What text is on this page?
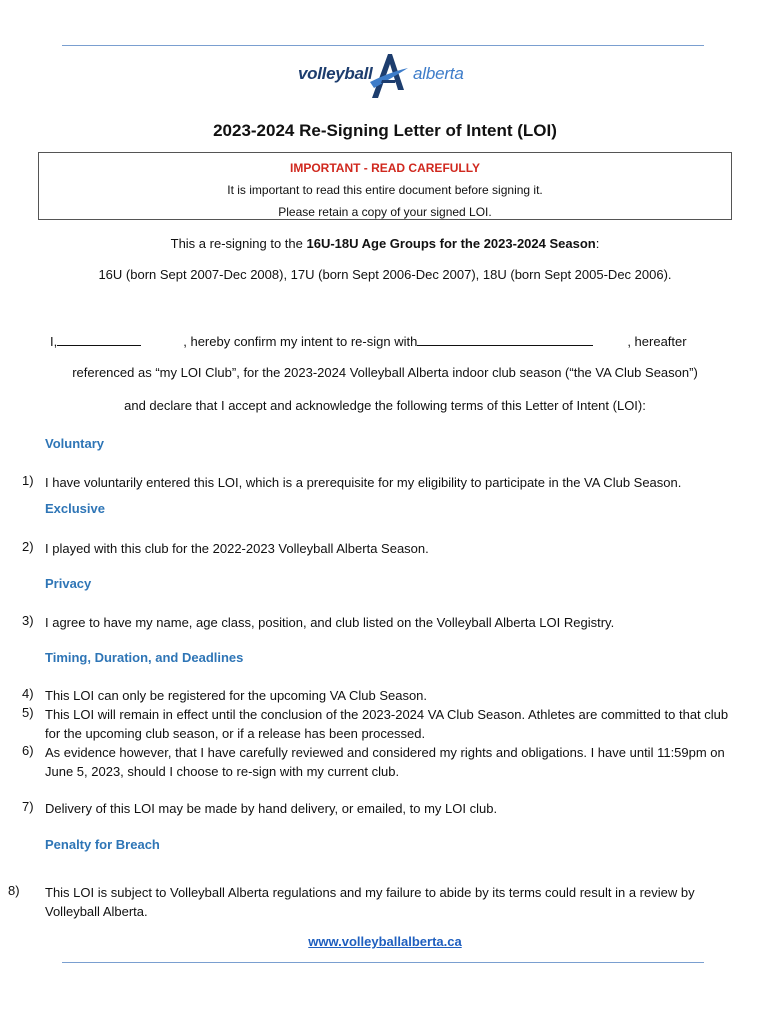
volleyball alberta
2023-2024 Re-Signing Letter of Intent (LOI)
IMPORTANT - READ CAREFULLY
It is important to read this entire document before signing it.
Please retain a copy of your signed LOI.
This a re-signing to the 16U-18U Age Groups for the 2023-2024 Season:
16U (born Sept 2007-Dec 2008), 17U (born Sept 2006-Dec 2007), 18U (born Sept 2005-Dec 2006).
I,	, hereby confirm my intent to re-sign with	, hereafter
referenced as “my LOI Club”, for the 2023-2024 Volleyball Alberta indoor club season (“the VA Club Season”)
and declare that I accept and acknowledge the following terms of this Letter of Intent (LOI):
Voluntary
1) I have voluntarily entered this LOI, which is a prerequisite for my eligibility to participate in the VA Club Season.
Exclusive
2) I played with this club for the 2022-2023 Volleyball Alberta Season.
Privacy
3) I agree to have my name, age class, position, and club listed on the Volleyball Alberta LOI Registry.
Timing, Duration, and Deadlines
4) This LOI can only be registered for the upcoming VA Club Season.
5) This LOI will remain in effect until the conclusion of the 2023-2024 VA Club Season. Athletes are committed to that club for the upcoming club season, or if a release has been processed.
6) As evidence however, that I have carefully reviewed and considered my rights and obligations. I have until 11:59pm on June 5, 2023, should I choose to re-sign with my current club.
7) Delivery of this LOI may be made by hand delivery, or emailed, to my LOI club.
Penalty for Breach
8) This LOI is subject to Volleyball Alberta regulations and my failure to abide by its terms could result in a review by Volleyball Alberta.
www.volleyballalberta.ca
